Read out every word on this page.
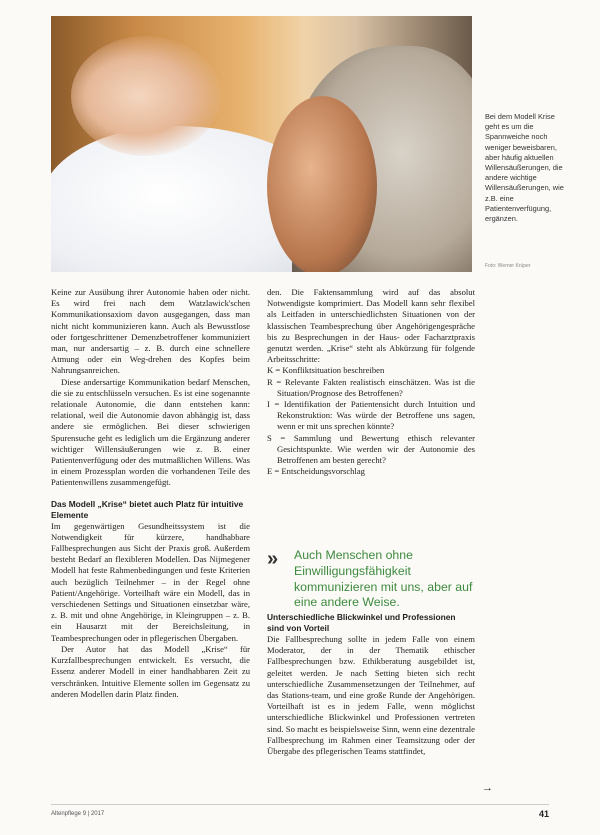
Bei dem Modell Krise geht es um die Spannweiche noch weniger beweisbaren, aber häufig aktuellen Willensäußerungen, die andere wichtige Willensäußerungen, wie z.B. eine Patientenverfügung, ergänzen.
Foto: Werner Krüper

Keine zur Ausübung ihrer Autonomie haben oder nicht. Es wird frei nach dem Watzlawick'schen Kommunikationsaxiom davon ausgegangen, dass man nicht nicht kommunizieren kann. Auch als Bewusstlose oder fortgeschrittener Demenzbetroffener kommuniziert man, nur andersartig – z. B. durch eine schnellere Atmung oder ein Weg-drehen des Kopfes beim Nahrungsanreichen.

Diese andersartige Kommunikation bedarf Menschen, die sie zu entschlüsseln versuchen. Es ist eine sogenannte relationale Autonomie, die dann entstehen kann: relational, weil die Autonomie davon abhängig ist, dass andere sie ermöglichen. Bei dieser schwierigen Spurensuche geht es lediglich um die Ergänzung anderer wichtiger Willensäußerungen wie z. B. einer Patientenverfügung oder des mutmaßlichen Willens. Was in einem Prozessplan worden die vorhandenen Teile des Patientenwillens zusammengefügt.

Das Modell „Krise“ bietet auch Platz für intuitive Elemente

Im gegenwärtigen Gesundheitssystem ist die Notwendigkeit für kürzere, handhabbare Fallbesprechungen aus Sicht der Praxis groß. Außerdem besteht Bedarf an flexibleren Modellen. Das Nijmegener Modell hat feste Rahmenbedingungen und feste Kriterien auch bezüglich Teilnehmer – in der Regel ohne Patient/Angehörige. Vorteilhaft wäre ein Modell, das in verschiedenen Settings und Situationen einsetzbar wäre, z. B. mit und ohne Angehörige, in Kleingruppen – z. B. ein Hausarzt mit der Bereichsleitung, in Teambesprechungen oder in pflegerischen Übergaben.

Der Autor hat das Modell „Krise“ für Kurzfallbesprechungen entwickelt. Es versucht, die Essenz anderer Modell in einer handhabbaren Zeit zu verschränken. Intuitive Elemente sollen im Gegensatz zu anderen Modellen darin Platz finden.

den. Die Faktensammlung wird auf das absolut Notwendigste komprimiert. Das Modell kann sehr flexibel als Leitfaden in unterschiedlichsten Situationen von der klassischen Teambesprechung über Angehörigengespräche bis zu Besprechungen in der Haus- oder Facharztpraxis genutzt werden. „Krise“ steht als Abkürzung für folgende Arbeitsschritte:

K = Konfliktsituation beschreiben

R = Relevante Fakten realistisch einschätzen. Was ist die Situation/Prognose des Betroffenen?

I = Identifikation der Patientensicht durch Intuition und Rekonstruktion: Was würde der Betroffene uns sagen, wenn er mit uns sprechen könnte?

S = Sammlung und Bewertung ethisch relevanter Gesichtspunkte. Wie werden wir der Autonomie des Betroffenen am besten gerecht?

E = Entscheidungsvorschlag

»	Auch Menschen ohne Einwilligungsfähigkeit kommunizieren mit uns, aber auf eine andere Weise.

Unterschiedliche Blickwinkel und Professionen sind von Vorteil

Die Fallbesprechung sollte in jedem Falle von einem Moderator, der in der Thematik ethischer Fallbesprechungen bzw. Ethikberatung ausgebildet ist, geleitet werden. Je nach Setting bieten sich recht unterschiedliche Zusammensetzungen der Teilnehmer, auf das Stations-team, und eine große Runde der Angehörigen. Vorteilhaft ist es in jedem Falle, wenn möglichst unterschiedliche Blickwinkel und Professionen vertreten sind. So macht es beispielsweise Sinn, wenn eine dezentrale Fallbesprechung im Rahmen einer Teamsitzung oder der Übergabe des pflegerischen Teams stattfindet,

→
Altenpflege 9 | 2017	41
